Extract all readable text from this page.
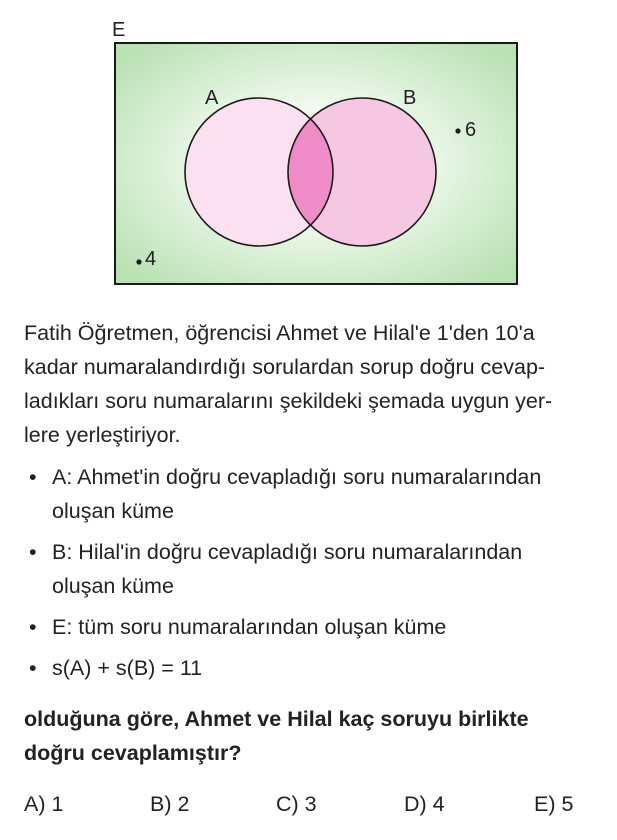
E
A	B
6
4
Fatih Öğretmen, öğrencisi Ahmet ve Hilal'e 1'den 10'a
kadar numaralandırdığı sorulardan sorup doğru cevap-
ladıkları soru numaralarını şekildeki şemada uygun yer-
lere yerleştiriyor.
• A: Ahmet'in doğru cevapladığı soru numaralarından
oluşan küme
• B: Hilal'in doğru cevapladığı soru numaralarından
oluşan küme
• E: tüm soru numaralarından oluşan küme
• s(A) + s(B) = 11
olduğuna göre, Ahmet ve Hilal kaç soruyu birlikte
doğru cevaplamıştır?
A) 1	B) 2	C) 3	D) 4	E) 5
